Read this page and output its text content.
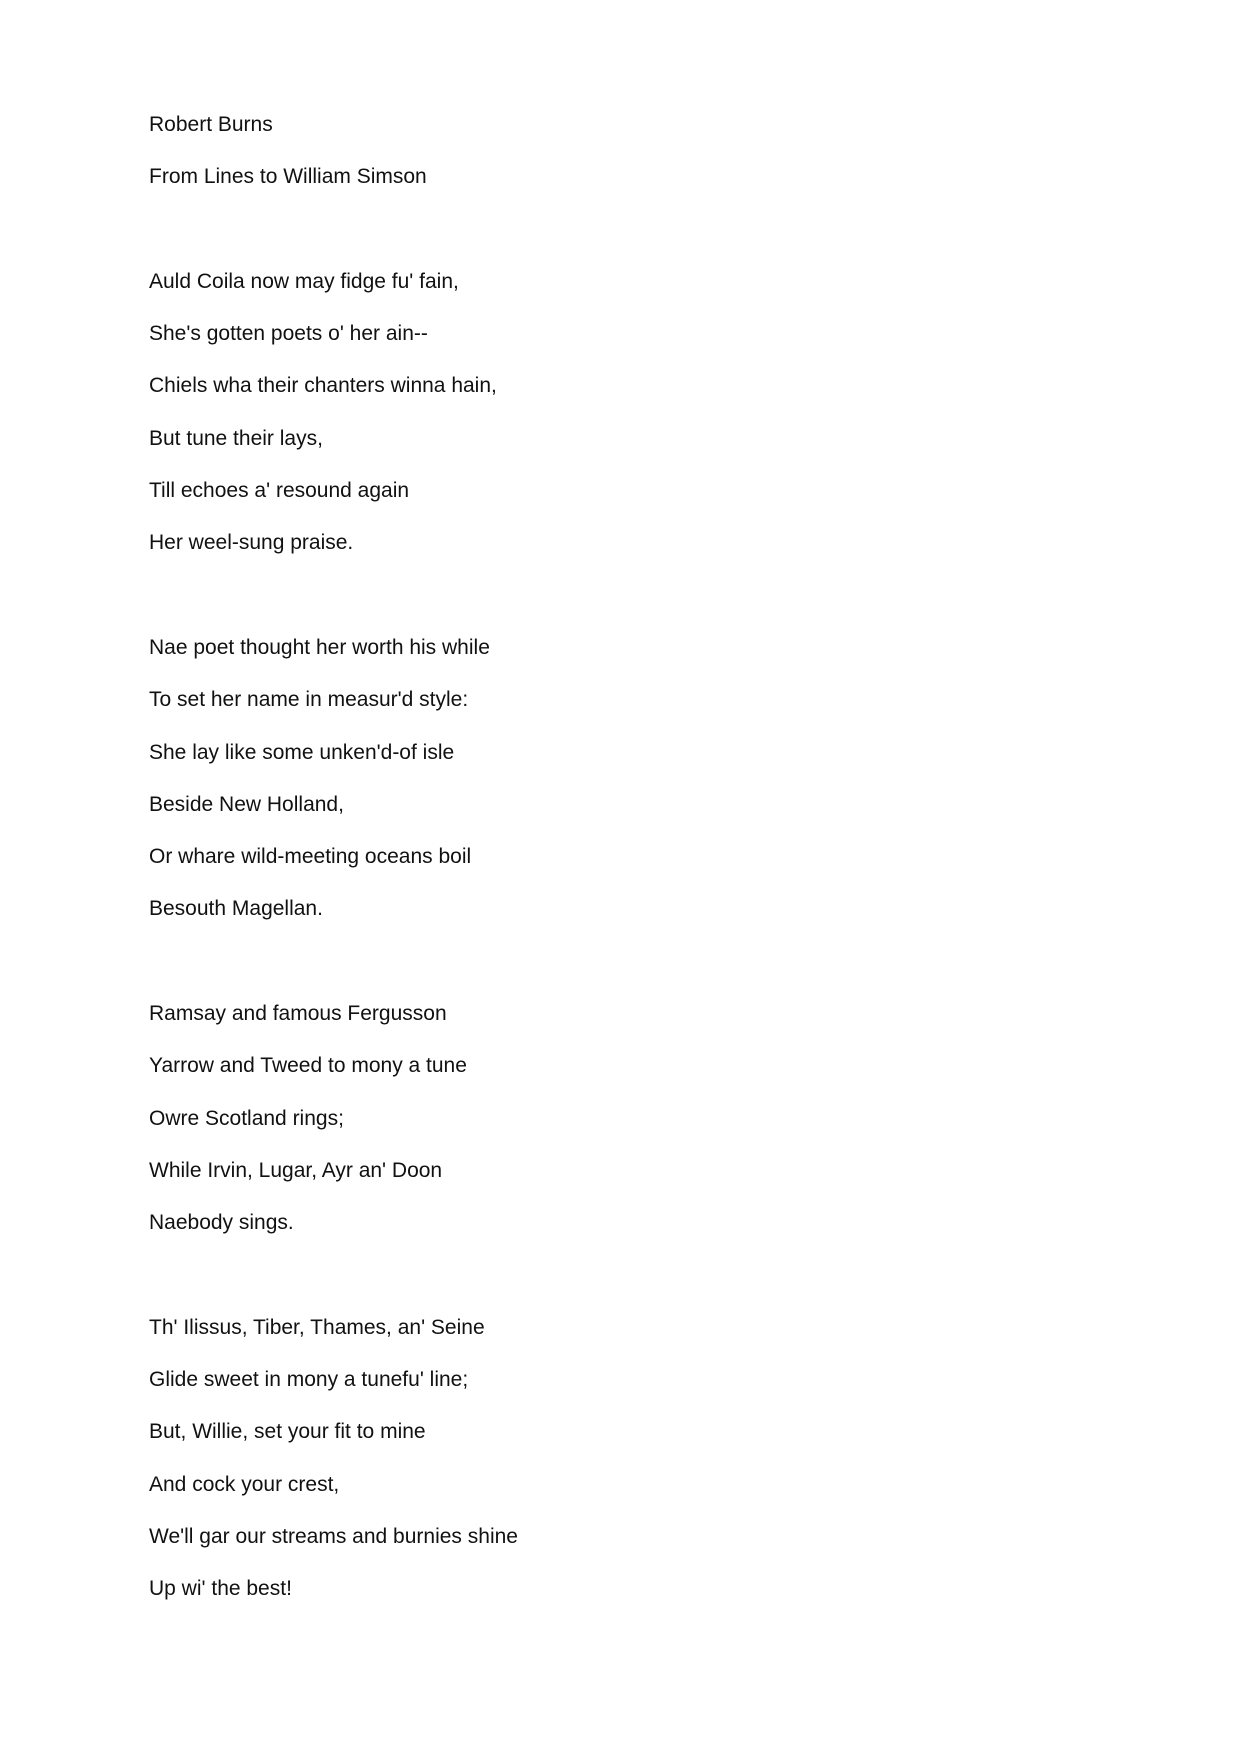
Robert Burns
From Lines to William Simson
Auld Coila now may fidge fu' fain,
She's gotten poets o' her ain--
Chiels wha their chanters winna hain,
But tune their lays,
Till echoes a' resound again
Her weel-sung praise.
Nae poet thought her worth his while
To set her name in measur'd style:
She lay like some unken'd-of isle
Beside New Holland,
Or whare wild-meeting oceans boil
Besouth Magellan.
Ramsay and famous Fergusson
Yarrow and Tweed to mony a tune
Owre Scotland rings;
While Irvin, Lugar, Ayr an' Doon
Naebody sings.
Th' Ilissus, Tiber, Thames, an' Seine
Glide sweet in mony a tunefu' line;
But, Willie, set your fit to mine
And cock your crest,
We'll gar our streams and burnies shine
Up wi' the best!
